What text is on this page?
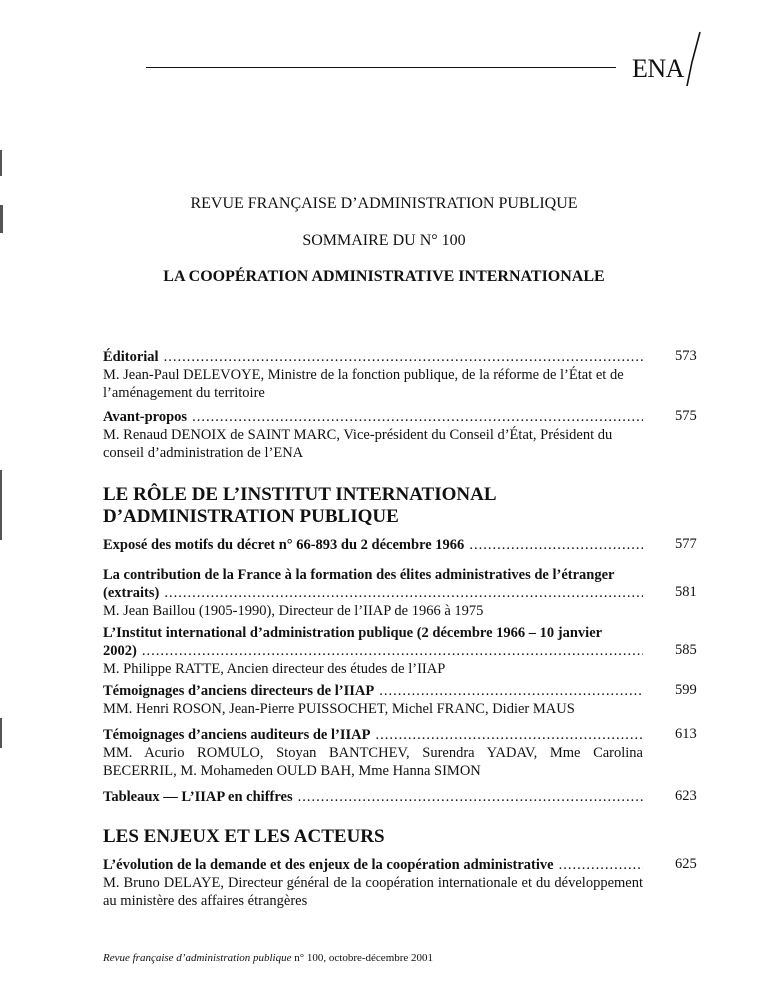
ENA
REVUE FRANÇAISE D’ADMINISTRATION PUBLIQUE
SOMMAIRE DU N° 100
LA COOPÉRATION ADMINISTRATIVE INTERNATIONALE
Éditorial
.....
M. Jean-Paul DELEVOYE, Ministre de la fonction publique, de la réforme de l’État et de l’aménagement du territoire
573
Avant-propos
.....
M. Renaud DENOIX de SAINT MARC, Vice-président du Conseil d’État, Président du conseil d’administration de l’ENA
575
LE RÔLE DE L’INSTITUT INTERNATIONAL D’ADMINISTRATION PUBLIQUE
Exposé des motifs du décret n° 66-893 du 2 décembre 1966 .....	577
La contribution de la France à la formation des élites administratives de l’étranger
(extraits)
.....
M. Jean Baillou (1905-1990), Directeur de l’IIAP de 1966 à 1975
581
L’Institut international d’administration publique (2 décembre 1966 – 10 janvier
2002)
.....
M. Philippe RATTE, Ancien directeur des études de l’IIAP
585
Témoignages d’anciens directeurs de l’IIAP
.....
MM. Henri ROSON, Jean-Pierre PUISSOCHET, Michel FRANC, Didier MAUS
599
Témoignages d’anciens auditeurs de l’IIAP
.....
MM. Acurio ROMULO, Stoyan BANTCHEV, Surendra YADAV, Mme Carolina BECERRIL, M. Mohameden OULD BAH, Mme Hanna SIMON
613
Tableaux — L’IIAP en chiffres .....	623
LES ENJEUX ET LES ACTEURS
L’évolution de la demande et des enjeux de la coopération administrative
.....
M. Bruno DELAYE, Directeur général de la coopération internationale et du développement au ministère des affaires étrangères
625
Revue française d’administration publique n° 100, octobre-décembre 2001
